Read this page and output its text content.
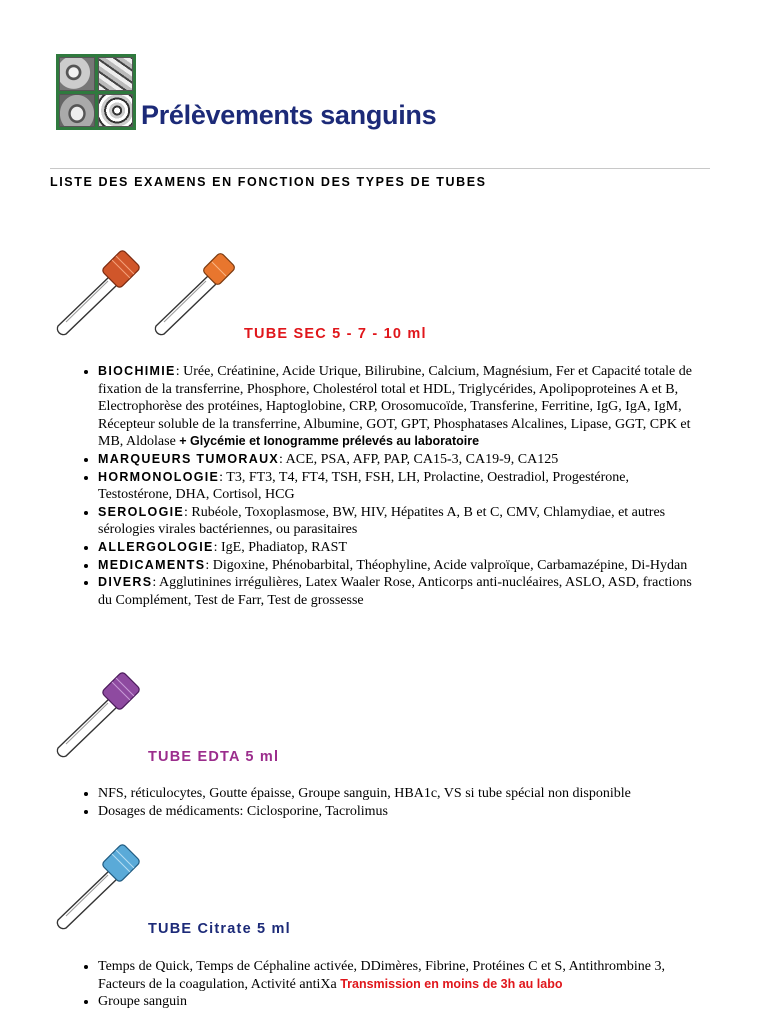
Prélèvements sanguins
LISTE DES EXAMENS EN FONCTION DES TYPES DE TUBES
TUBE SEC 5 - 7 - 10 ml
• BIOCHIMIE: Urée, Créatinine, Acide Urique, Bilirubine, Calcium, Magnésium, Fer et Capacité totale de fixation de la transferrine, Phosphore, Cholestérol total et HDL, Triglycérides, Apolipoproteines A et B, Electrophorèse des protéines, Haptoglobine, CRP, Orosomucoïde, Transferine, Ferritine, IgG, IgA, IgM, Récepteur soluble de la transferrine, Albumine, GOT, GPT, Phosphatases Alcalines, Lipase, GGT, CPK et MB, Aldolase + Glycémie et Ionogramme prélevés au laboratoire
• MARQUEURS TUMORAUX: ACE, PSA, AFP, PAP, CA15-3, CA19-9, CA125
• HORMONOLOGIE: T3, FT3, T4, FT4, TSH, FSH, LH, Prolactine, Oestradiol, Progestérone, Testostérone, DHA, Cortisol, HCG
• SEROLOGIE: Rubéole, Toxoplasmose, BW, HIV, Hépatites A, B et C, CMV, Chlamydiae, et autres sérologies virales bactériennes, ou parasitaires
• ALLERGOLOGIE: IgE, Phadiatop, RAST
• MEDICAMENTS: Digoxine, Phénobarbital, Théophyline, Acide valproïque, Carbamazépine, Di-Hydan
• DIVERS: Agglutinines irrégulières, Latex Waaler Rose, Anticorps anti-nucléaires, ASLO, ASD, fractions du Complément, Test de Farr, Test de grossesse
TUBE EDTA 5 ml
• NFS, réticulocytes, Goutte épaisse, Groupe sanguin, HBA1c, VS si tube spécial non disponible
• Dosages de médicaments: Ciclosporine, Tacrolimus
TUBE Citrate 5 ml
• Temps de Quick, Temps de Céphaline activée, DDimères, Fibrine, Protéines C et S, Antithrombine 3, Facteurs de la coagulation, Activité antiXa Transmission en moins de 3h au labo
• Groupe sanguin
